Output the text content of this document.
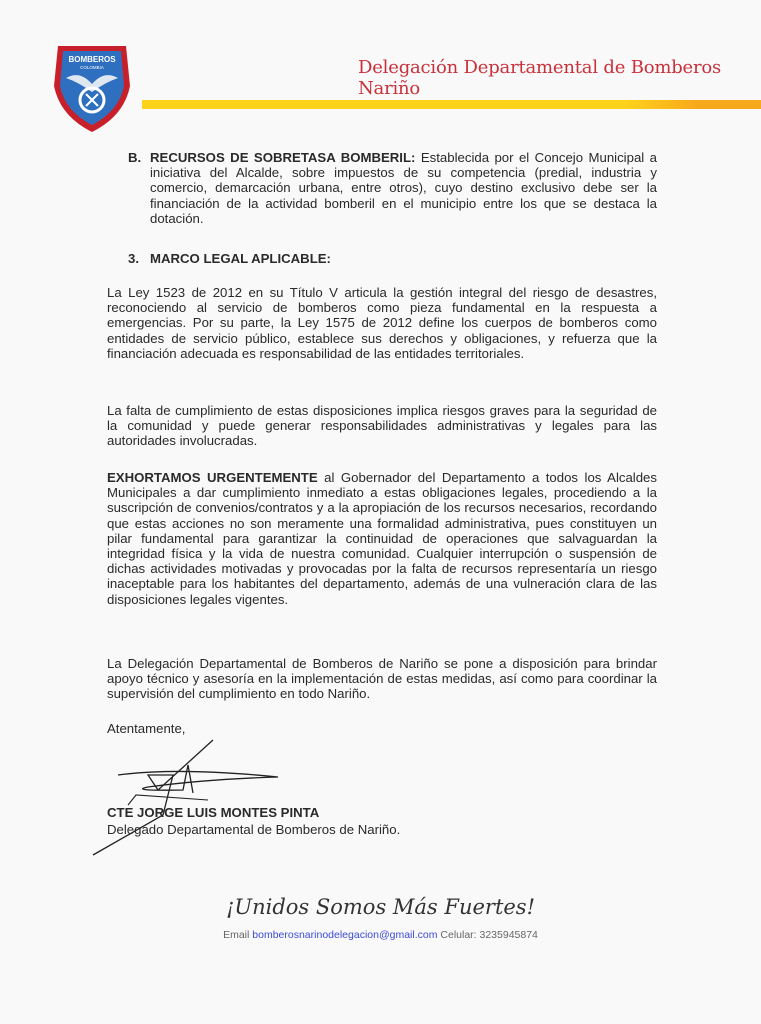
BOMBEROS
COLOMBIA	Delegación Departamental de Bomberos Nariño
B. RECURSOS DE SOBRETASA BOMBERIL: Establecida por el Concejo Municipal a iniciativa del Alcalde, sobre impuestos de su competencia (predial, industria y comercio, demarcación urbana, entre otros), cuyo destino exclusivo debe ser la financiación de la actividad bomberil en el municipio entre los que se destaca la dotación.
3. MARCO LEGAL APLICABLE:
La Ley 1523 de 2012 en su Título V articula la gestión integral del riesgo de desastres, reconociendo al servicio de bomberos como pieza fundamental en la respuesta a emergencias. Por su parte, la Ley 1575 de 2012 define los cuerpos de bomberos como entidades de servicio público, establece sus derechos y obligaciones, y refuerza que la financiación adecuada es responsabilidad de las entidades territoriales.
La falta de cumplimiento de estas disposiciones implica riesgos graves para la seguridad de la comunidad y puede generar responsabilidades administrativas y legales para las autoridades involucradas.
EXHORTAMOS URGENTEMENTE al Gobernador del Departamento a todos los Alcaldes Municipales a dar cumplimiento inmediato a estas obligaciones legales, procediendo a la suscripción de convenios/contratos y a la apropiación de los recursos necesarios, recordando que estas acciones no son meramente una formalidad administrativa, pues constituyen un pilar fundamental para garantizar la continuidad de operaciones que salvaguardan la integridad física y la vida de nuestra comunidad. Cualquier interrupción o suspensión de dichas actividades motivadas y provocadas por la falta de recursos representaría un riesgo inaceptable para los habitantes del departamento, además de una vulneración clara de las disposiciones legales vigentes.
La Delegación Departamental de Bomberos de Nariño se pone a disposición para brindar apoyo técnico y asesoría en la implementación de estas medidas, así como para coordinar la supervisión del cumplimiento en todo Nariño.
Atentamente,
CTE JORGE LUIS MONTES PINTA
Delegado Departamental de Bomberos de Nariño.
¡Unidos Somos Más Fuertes!
Email bomberosnarinodelegacion@gmail.com Celular: 3235945874
